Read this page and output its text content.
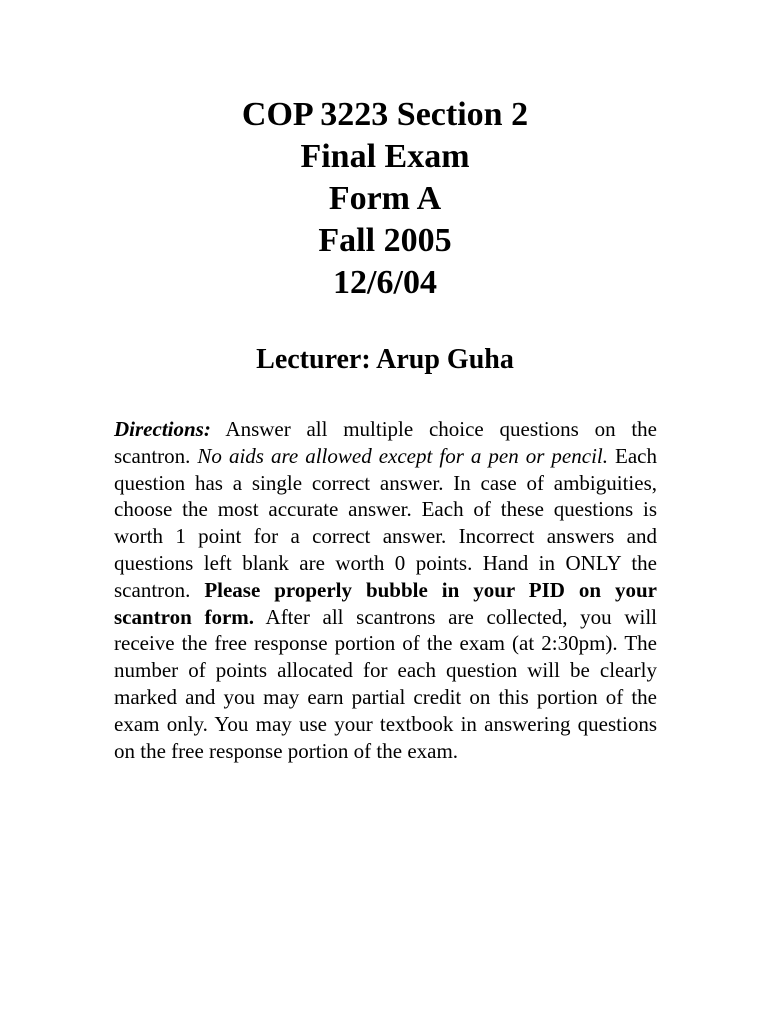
COP 3223 Section 2
Final Exam
Form A
Fall 2005
12/6/04
Lecturer: Arup Guha

Directions: Answer all multiple choice questions on the scantron. No aids are allowed except for a pen or pencil. Each question has a single correct answer. In case of ambiguities, choose the most accurate answer. Each of these questions is worth 1 point for a correct answer. Incorrect answers and questions left blank are worth 0 points. Hand in ONLY the scantron. Please properly bubble in your PID on your scantron form. After all scantrons are collected, you will receive the free response portion of the exam (at 2:30pm). The number of points allocated for each question will be clearly marked and you may earn partial credit on this portion of the exam only. You may use your textbook in answering questions on the free response portion of the exam.
